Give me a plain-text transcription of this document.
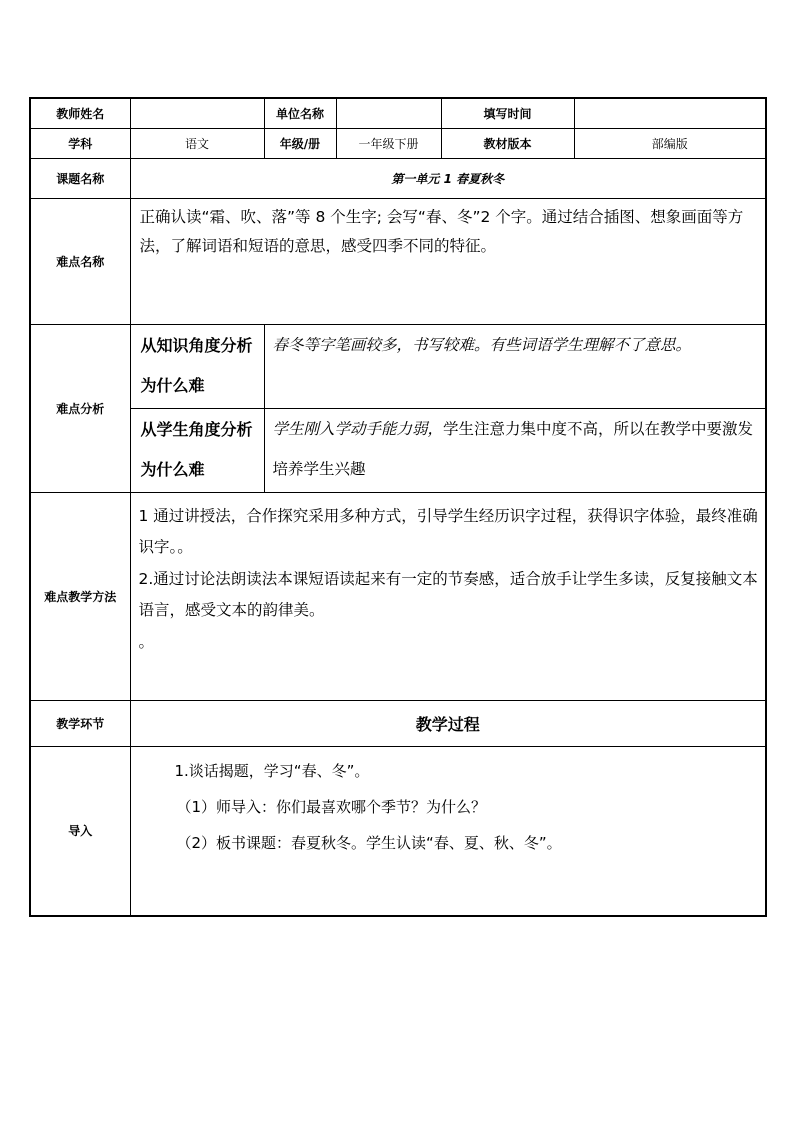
教师姓名		单位名称		填写时间	
学科	语文	年级/册	一年级下册	教材版本	部编版
课题名称	第一单元 1 春夏秋冬				
难点名称	正确认读“霜、吹、落”等 8 个生字; 会写“春、冬”2 个字。通过结合插图、想象画面等方法，了解词语和短语的意思，感受四季不同的特征。				
难点分析	从知识角度分析为什么难	春冬等字笔画较多，书写较难。有些词语学生理解不了意思。			
	从学生角度分析为什么难	学生刚入学动手能力弱，学生注意力集中度不高，所以在教学中要激发培养学生兴趣			
难点教学方法	1 通过讲授法，合作探究采用多种方式，引导学生经历识字过程，获得识字体验，最终准确识字。。

2.通过讨论法朗读法本课短语读起来有一定的节奏感，适合放手让学生多读，反复接触文本语言，感受文本的韵律美。

。				

教学环节	教学过程				
导入	1.谈话揭题，学习“春、冬”。

（1）师导入：你们最喜欢哪个季节？为什么？

（2）板书课题：春夏秋冬。学生认读“春、夏、秋、冬”。				
